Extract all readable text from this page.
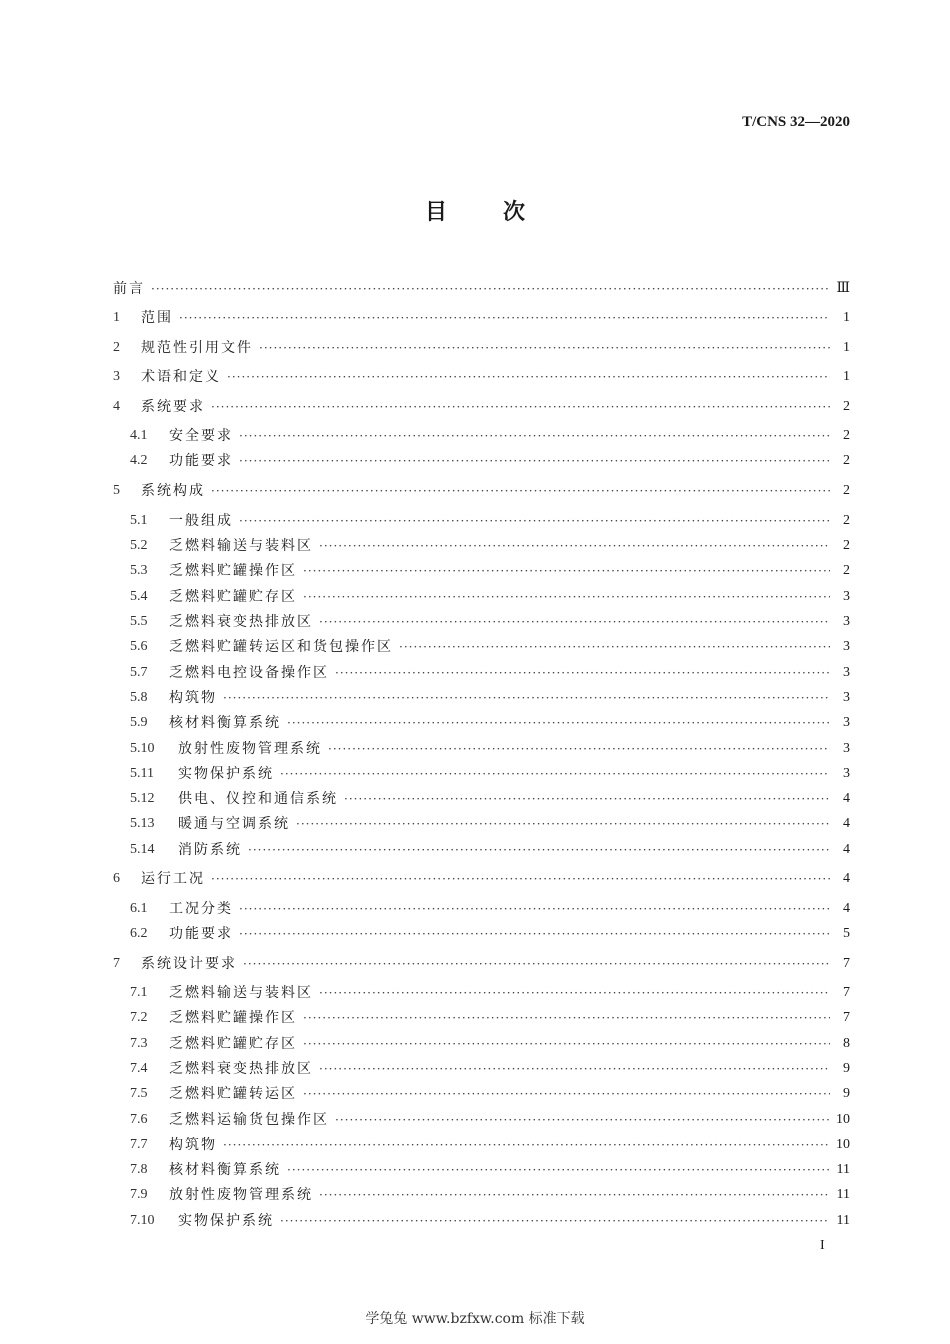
T/CNS 32—2020
目	次
前言 ·····	Ⅲ
1	范围 ·····	1
2	规范性引用文件 ·····	1
3	术语和定义 ·····	1
4	系统要求 ·····	2
4.1	安全要求 ·····	2
4.2	功能要求 ·····	2
5	系统构成 ·····	2
5.1	一般组成 ·····	2
5.2	乏燃料输送与装料区 ·····	2
5.3	乏燃料贮罐操作区 ·····	2
5.4	乏燃料贮罐贮存区 ·····	3
5.5	乏燃料衰变热排放区 ·····	3
5.6	乏燃料贮罐转运区和货包操作区 ·····	3
5.7	乏燃料电控设备操作区 ·····	3
5.8	构筑物 ·····	3
5.9	核材料衡算系统 ·····	3
5.10	放射性废物管理系统 ·····	3
5.11	实物保护系统 ·····	3
5.12	供电、仪控和通信系统 ·····	4
5.13	暖通与空调系统 ·····	4
5.14	消防系统 ·····	4
6	运行工况 ·····	4
6.1	工况分类 ·····	4
6.2	功能要求 ·····	5
7	系统设计要求 ·····	7
7.1	乏燃料输送与装料区 ·····	7
7.2	乏燃料贮罐操作区 ·····	7
7.3	乏燃料贮罐贮存区 ·····	8
7.4	乏燃料衰变热排放区 ·····	9
7.5	乏燃料贮罐转运区 ·····	9
7.6	乏燃料运输货包操作区 ·····	10
7.7	构筑物 ·····	10
7.8	核材料衡算系统 ·····	11
7.9	放射性废物管理系统 ·····	11
7.10	实物保护系统 ·····	11
I
学兔兔 www.bzfxw.com 标准下载
